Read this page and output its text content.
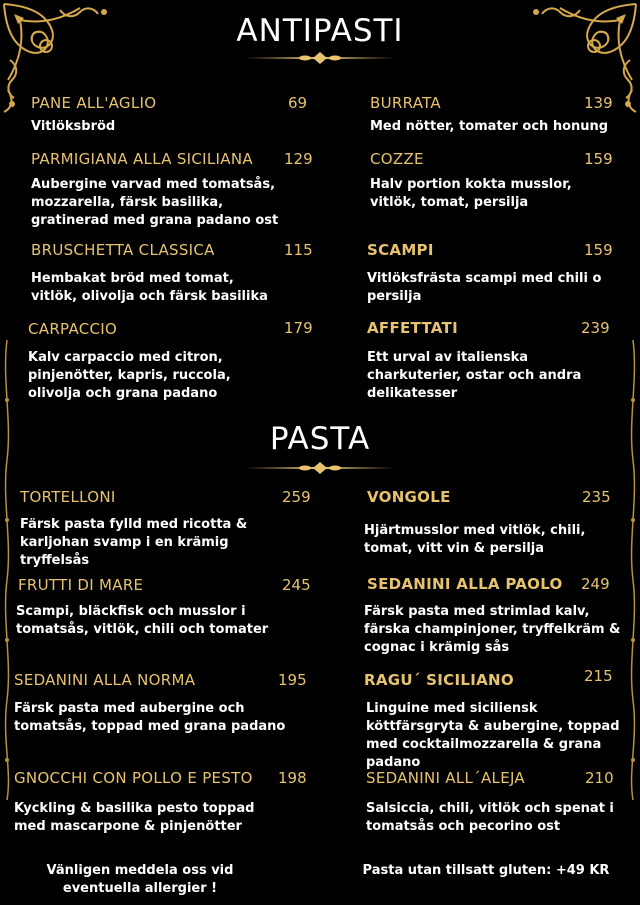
ANTIPASTI
PANE ALL'AGLIO	69
Vitlöksbröd
BURRATA	139
Med nötter, tomater och honung
PARMIGIANA ALLA SICILIANA 129
Aubergine varvad med tomatsås, mozzarella, färsk basilika, gratinerad med grana padano ost
COZZE	159
Halv portion kokta musslor, vitlök, tomat, persilja
BRUSCHETTA CLASSICA	115
Hembakat bröd med tomat, vitlök, olivolja och färsk basilika
SCAMPI	159
Vitlöksfrästa scampi med chili o persilja
CARPACCIO	179
Kalv carpaccio med citron, pinjenötter, kapris, ruccola, olivolja och grana padano
AFFETTATI	239
Ett urval av italienska charkuterier, ostar och andra delikatesser
PASTA
TORTELLONI	259
Färsk pasta fylld med ricotta & karljohan svamp i en krämig tryffelsås
VONGOLE	235
Hjärtmusslor med vitlök, chili, tomat, vitt vin & persilja
FRUTTI DI MARE	245
Scampi, bläckfisk och musslor i tomatsås, vitlök, chili och tomater
SEDANINI ALLA PAOLO 249
Färsk pasta med strimlad kalv, färska champinjoner, tryffelkräm & cognac i krämig sås
SEDANINI ALLA NORMA	195
Färsk pasta med aubergine och tomatsås, toppad med grana padano
RAGU´ SICILIANO	215
Linguine med siciliensk köttfärsgryta & aubergine, toppad med cocktailmozzarella & grana padano
GNOCCHI CON POLLO E PESTO 198
Kyckling & basilika pesto toppad med mascarpone & pinjenötter
SEDANINI ALL´ALEJA	210
Salsiccia, chili, vitlök och spenat i tomatsås och pecorino ost
Vänligen meddela oss vid eventuella allergier !
Pasta utan tillsatt gluten: +49 KR
